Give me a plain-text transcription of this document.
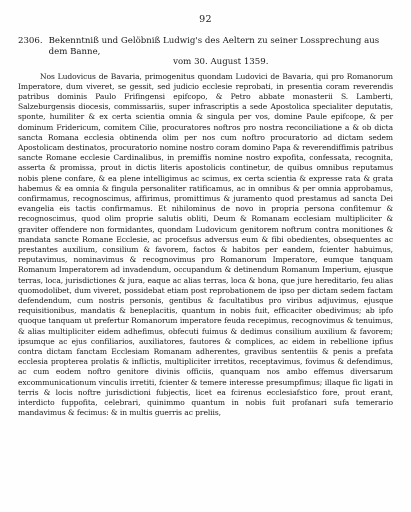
92
2306. Bekenntniß und Gelöbniß Ludwig's des Aeltern zu seiner Lossprechung aus dem Banne,
vom 30. August 1359.

Nos Ludovicus de Bavaria, primogenitus quondam Ludovici de Bavaria, qui pro Romanorum Imperatore, dum viveret, se gessit, sed judicio ecclesie reprobati, in presentia coram reverendis patribus dominis Paulo Frifingensi epifcopo, & Petro abbate monasterii S. Lamberti, Salzeburgensis diocesis, commissariis, super infrascriptis a sede Apostolica specialiter deputatis, sponte, humiliter & ex certa scientia omnia & singula per vos, domine Paule epifcope, & per dominum Fridericum, comitem Cilie, procuratores noftros pro nostra reconciliatione a & ob dicta sancta Romana ecclesia obtinenda olim per nos cum noftro procuratorio ad dictam sedem Apostolicam destinatos, procuratorio nomine nostro coram domino Papa & reverendiffimis patribus sancte Romane ecclesie Cardinalibus, in premiffis nomine nostro expofita, confessata, recognita, asserta & promissa, prout in dictis literis apostolicis continetur, de quibus omnibus reputamus nobis plene confare, & ea plene intelligimus ac scimus, ex certa scientia & expresse rata & grata habemus & ea omnia & fingula personaliter ratificamus, ac in omnibus & per omnia approbamus, confirmamus, recognoscimus, affirimus, promittimus & juramento quod prestamus ad sancta Dei evangelia eis tactis confirmamus. Et nihilominus de novo in propria persona confitemur & recognoscimus, quod olim proprie salutis obliti, Deum & Romanam ecclesiam multipliciter & graviter offendere non formidantes, quondam Ludovicum genitorem noftrum contra monitiones & mandata sancte Romane Ecclesie, ac procefsus adversus eum & fibi obedientes, obsequentes ac prestantes auxilium, consilium & favorem, factos & habitos per eandem, fcienter habuimus, reputavimus, nominavimus & recognovimus pro Romanorum Imperatore, eumque tanquam Romanum Imperatorem ad invadendum, occupandum & detinendum Romanum Imperium, ejusque terras, loca, jurisdictiones & jura, eaque ac alias terras, loca & bona, que jure hereditario, feu alias quomodolibet, dum viveret, possidebat etiam post reprobationem de ipso per dictam sedem factam defendendum, cum nostris personis, gentibus & facultatibus pro viribus adjuvimus, ejusque requisitionibus, mandatis & beneplacitis, quantum in nobis fuit, efficaciter obedivimus; ab ipfo quoque tanquam ut prefertur Romanorum imperatore feuda recepimus, recognovimus & tenuimus, & alias multipliciter eidem adhefimus, obfecuti fuimus & dedimus consilium auxilium & favorem; ipsumque ac ejus confiliarios, auxiliatores, fautores & complices, ac eidem in rebellione ipfius contra dictam fanctam Ecclesiam Romanam adherentes, gravibus sententiis & penis a prefata ecclesia propterea prolatis & inflictis, multipliciter irretitos, receptavimus, fovimus & defendimus, ac cum eodem noftro genitore divinis officiis, quanquam nos ambo effemus diversarum excommunicationum vinculis irretiti, fcienter & temere interesse presumpfimus; illaque fic ligati in terris & locis noftre jurisdictioni fubjectis, licet ea fcirenus ecclesiafstico fore, prout erant, interdicto fuppofita, celebrari, quinimmo quantum in nobis fuit profanari sufa temerario mandavimus & fecimus: & in multis guerris ac preliis,
